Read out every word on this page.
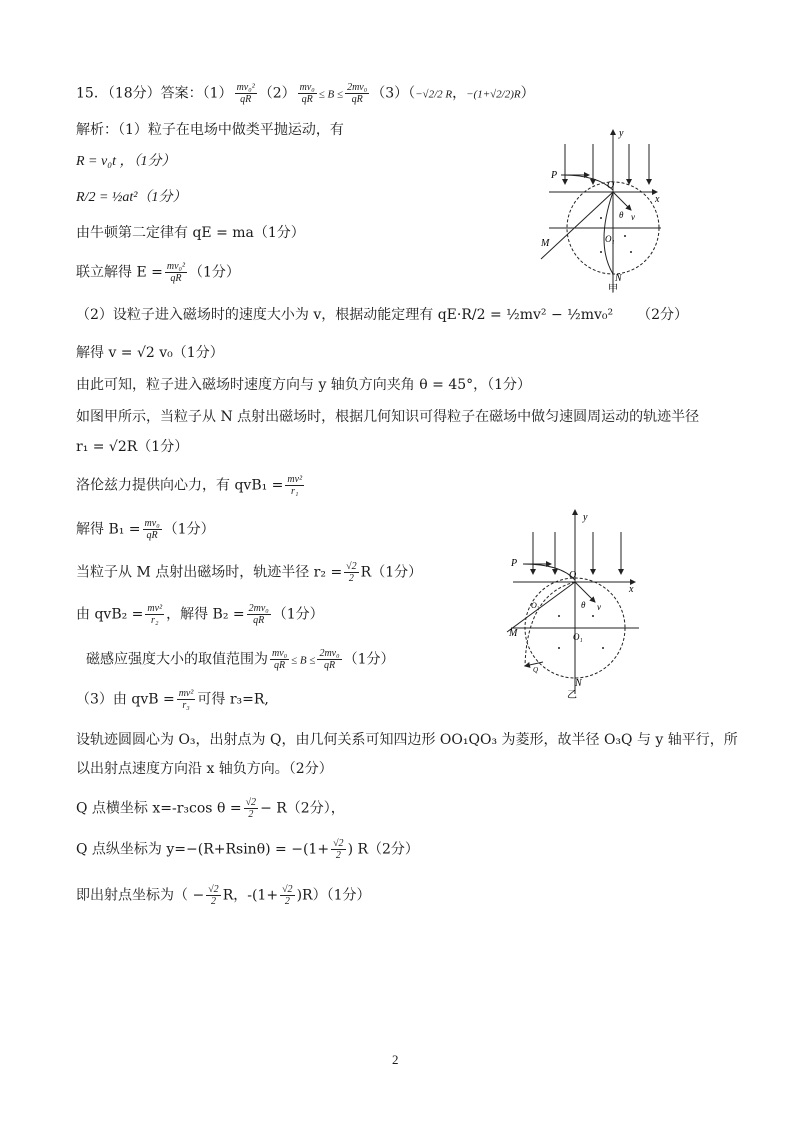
15．（18分）答案：$(1) \frac{\text{mv₀²}}{qR} (2) \frac{\text{mv₀}}{qR} \le B \le \frac{\text{2mv₀}}{qR} (3)(-√2/2$ R，−(1+√2/2)R）
解析：（1）粒子在电场中做类平抛运动，有
R = v₀t ，（1分）
R/2 = ½at²（1分）
由牛顿第二定律有 qE = ma（1分）
联立解得 $E = \frac{\text{mv₀²}}{qR} (1$分）
（2）设粒子进入磁场时的速度大小为 v，根据动能定理有 qE·R/2 = ½mv² − ½mv₀² （2分）
解得 v = √2 v₀（1分）
由此可知，粒子进入磁场时速度方向与 y 轴负方向夹角 θ = 45°，（1分）
如图甲所示，当粒子从 N 点射出磁场时，根据几何知识可得粒子在磁场中做匀速圆周运动的轨迹半径
r₁ = √2R（1分）
洛伦兹力提供向心力，有 $qvB_1 = \frac{\text{mv²}}{\text{r₁}}$
解得 $B_1 = \frac{\text{mv₀}}{qR} (1$分）
当粒子从 M 点射出磁场时，轨迹半径 $r_2 = \frac{√2}{2} R(1$分）
由 $qvB_2 = \frac{\text{mv²}}{\text{r₂}}$ ，解得 $B_2 = \frac{\text{2mv₀}}{qR} (1$分）
磁感应强度大小的取值范围为 $\frac{\text{mv₀}}{qR} \le B \le \frac{\text{2mv₀}}{qR} (1$分）
（3）由 qvB = $\frac{\text{mv²}}{\text{r₃}}$ 可得 r₃=R,
设轨迹圆圆心为 O₃，出射点为 Q，由几何关系可知四边形 OO₁QO₃ 为菱形，故半径 O₃Q 与 y 轴平行，所
以出射点速度方向沿 x 轴负方向。（2分）
Q 点横坐标 x=-r₃cos $\theta = \frac{√2}{2} - R(2$分），
Q 点纵坐标为 $y=-(R+Rsin\theta) = -(1+ \frac{√2}{2}$ ) R（2分）
即出射点坐标为（ − $\frac{√2}{2}$ R，$-(1+ \frac{√2}{2} )R)(1$分）
y
x
P
O
O₁
M
N
θ v
甲
y
x
P
O
O₁
O₃
M
Q
N
θ v
乙
2
